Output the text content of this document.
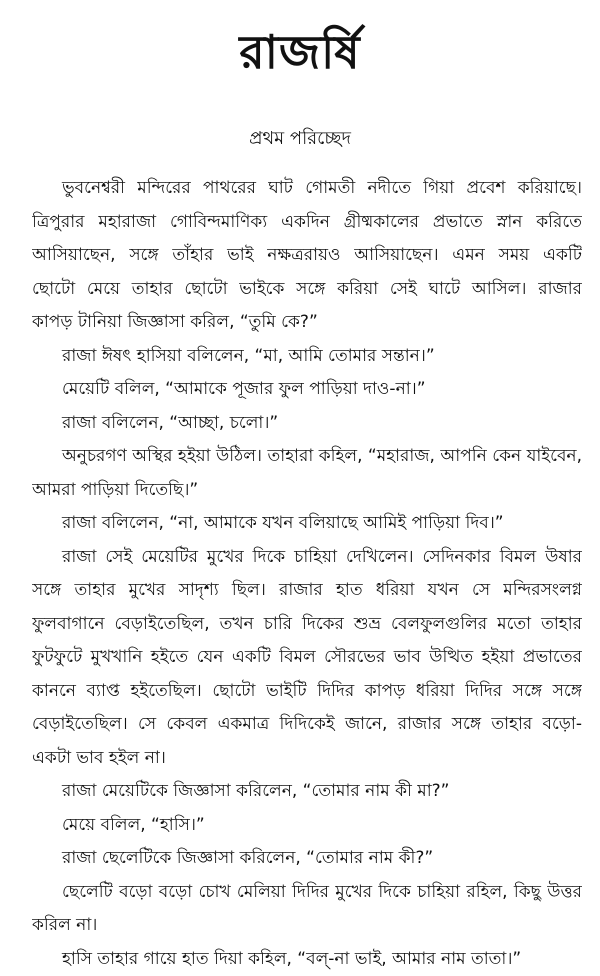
রাজর্ষি
প্রথম পরিচ্ছেদ
ভুবনেশ্বরী মন্দিরের পাথরের ঘাট গোমতী নদীতে গিয়া প্রবেশ করিয়াছে।
ত্রিপুরার মহারাজা গোবিন্দমাণিক্য একদিন গ্রীষ্মকালের প্রভাতে স্নান করিতে
আসিয়াছেন, সঙ্গে তাঁহার ভাই নক্ষত্ররায়ও আসিয়াছেন। এমন সময় একটি
ছোটো মেয়ে তাহার ছোটো ভাইকে সঙ্গে করিয়া সেই ঘাটে আসিল। রাজার
কাপড় টানিয়া জিজ্ঞাসা করিল, “তুমি কে?”
রাজা ঈষৎ হাসিয়া বলিলেন, “মা, আমি তোমার সন্তান।”
মেয়েটি বলিল, “আমাকে পূজার ফুল পাড়িয়া দাও-না।”
রাজা বলিলেন, “আচ্ছা, চলো।”
অনুচরগণ অস্থির হইয়া উঠিল। তাহারা কহিল, “মহারাজ, আপনি কেন যাইবেন,
আমরা পাড়িয়া দিতেছি।”
রাজা বলিলেন, “না, আমাকে যখন বলিয়াছে আমিই পাড়িয়া দিব।”
রাজা সেই মেয়েটির মুখের দিকে চাহিয়া দেখিলেন। সেদিনকার বিমল উষার
সঙ্গে তাহার মুখের সাদৃশ্য ছিল। রাজার হাত ধরিয়া যখন সে মন্দিরসংলগ্ন
ফুলবাগানে বেড়াইতেছিল, তখন চারি দিকের শুভ্র বেলফুলগুলির মতো তাহার
ফুটফুটে মুখখানি হইতে যেন একটি বিমল সৌরভের ভাব উত্থিত হইয়া প্রভাতের
কাননে ব্যাপ্ত হইতেছিল। ছোটো ভাইটি দিদির কাপড় ধরিয়া দিদির সঙ্গে সঙ্গে
বেড়াইতেছিল। সে কেবল একমাত্র দিদিকেই জানে, রাজার সঙ্গে তাহার বড়ো-
একটা ভাব হইল না।
রাজা মেয়েটিকে জিজ্ঞাসা করিলেন, “তোমার নাম কী মা?”
মেয়ে বলিল, “হাসি।”
রাজা ছেলেটিকে জিজ্ঞাসা করিলেন, “তোমার নাম কী?”
ছেলেটি বড়ো বড়ো চোখ মেলিয়া দিদির মুখের দিকে চাহিয়া রহিল, কিছু উত্তর
করিল না।
হাসি তাহার গায়ে হাত দিয়া কহিল, “বল্-না ভাই, আমার নাম তাতা।”
